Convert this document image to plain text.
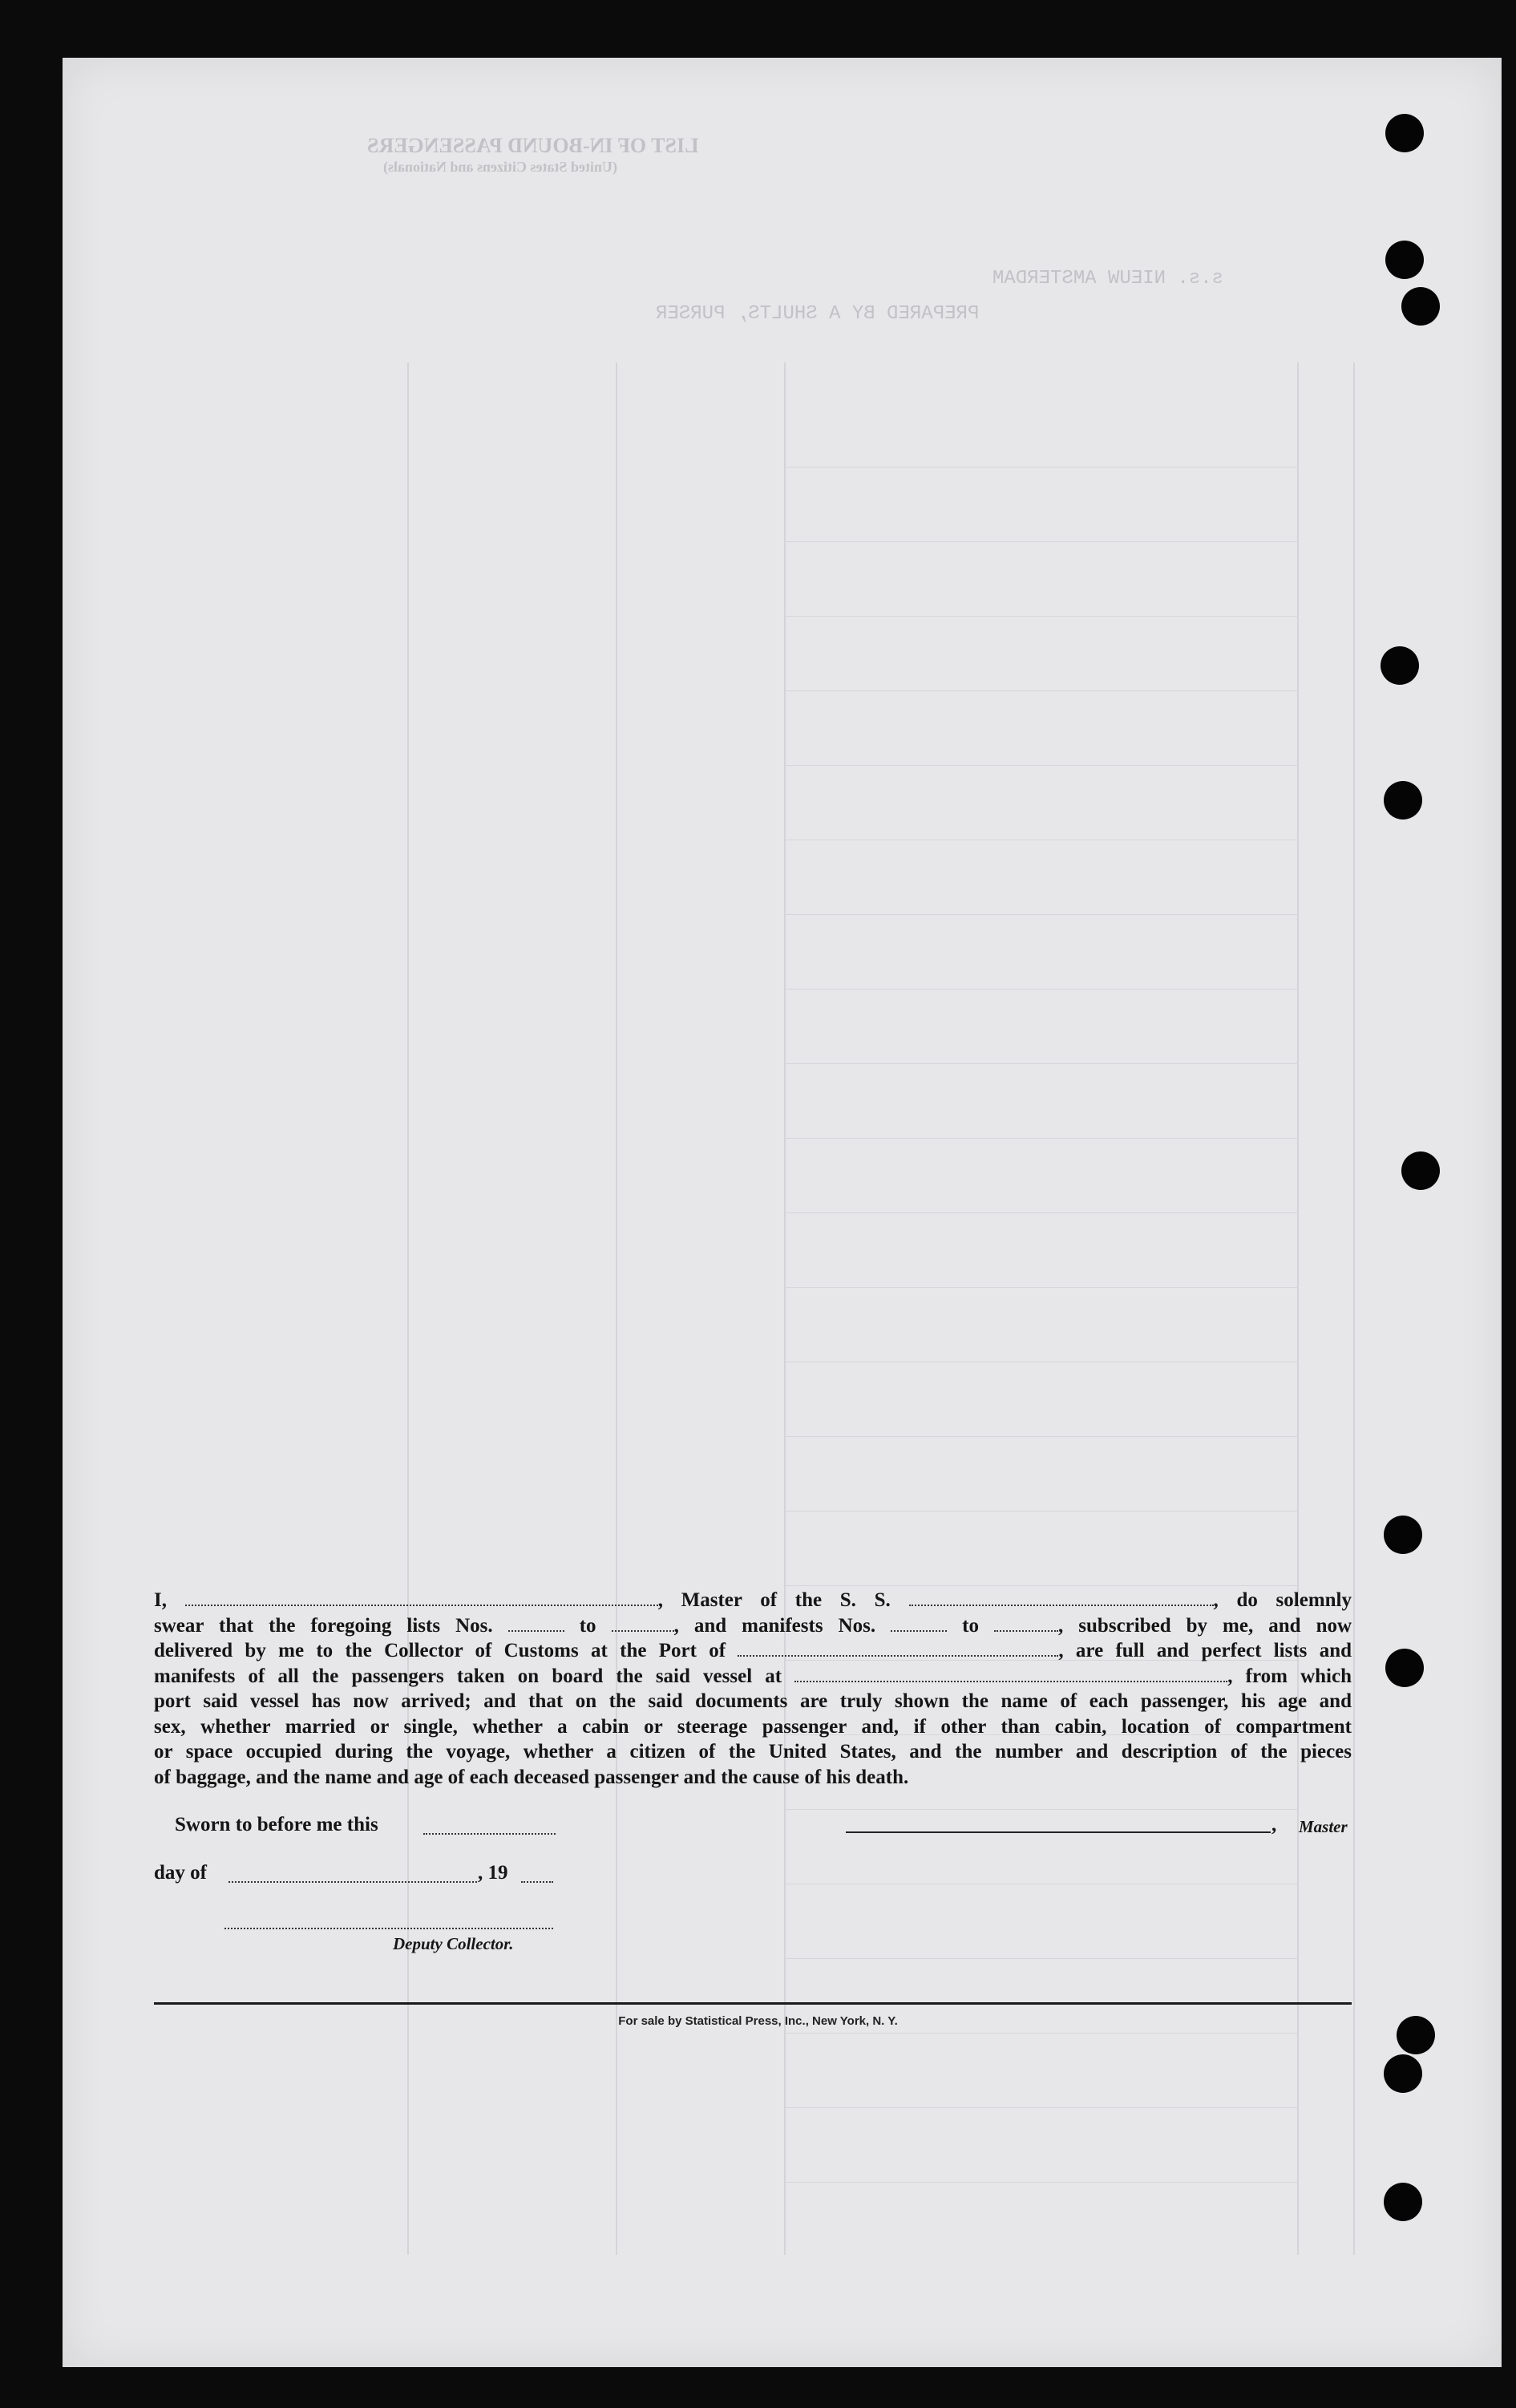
LIST OF IN-BOUND PASSENGERS
(United States Citizens and Nationals)
s.s. NIEUW AMSTERDAM
PREPARED BY A SHULTS, PURSER

I,	, Master of the S. S.	, do solemnly

swear that the foregoing lists Nos.	to	, and manifests Nos.	to	, subscribed by me, and now

delivered by me to the Collector of Customs at the Port of	, are full and perfect lists and

manifests of all the passengers taken on board the said vessel at	, from which

port said vessel has now arrived; and that on the said documents are truly shown the name of each passenger, his age and

sex, whether married or single, whether a cabin or steerage passenger and, if other than cabin, location of compartment

or space occupied during the voyage, whether a citizen of the United States, and the number and description of the pieces

of baggage, and the name and age of each deceased passenger and the cause of his death.

Sworn to before me this	, Master
day of	, 19
Deputy Collector.
For sale by Statistical Press, Inc., New York, N. Y.
